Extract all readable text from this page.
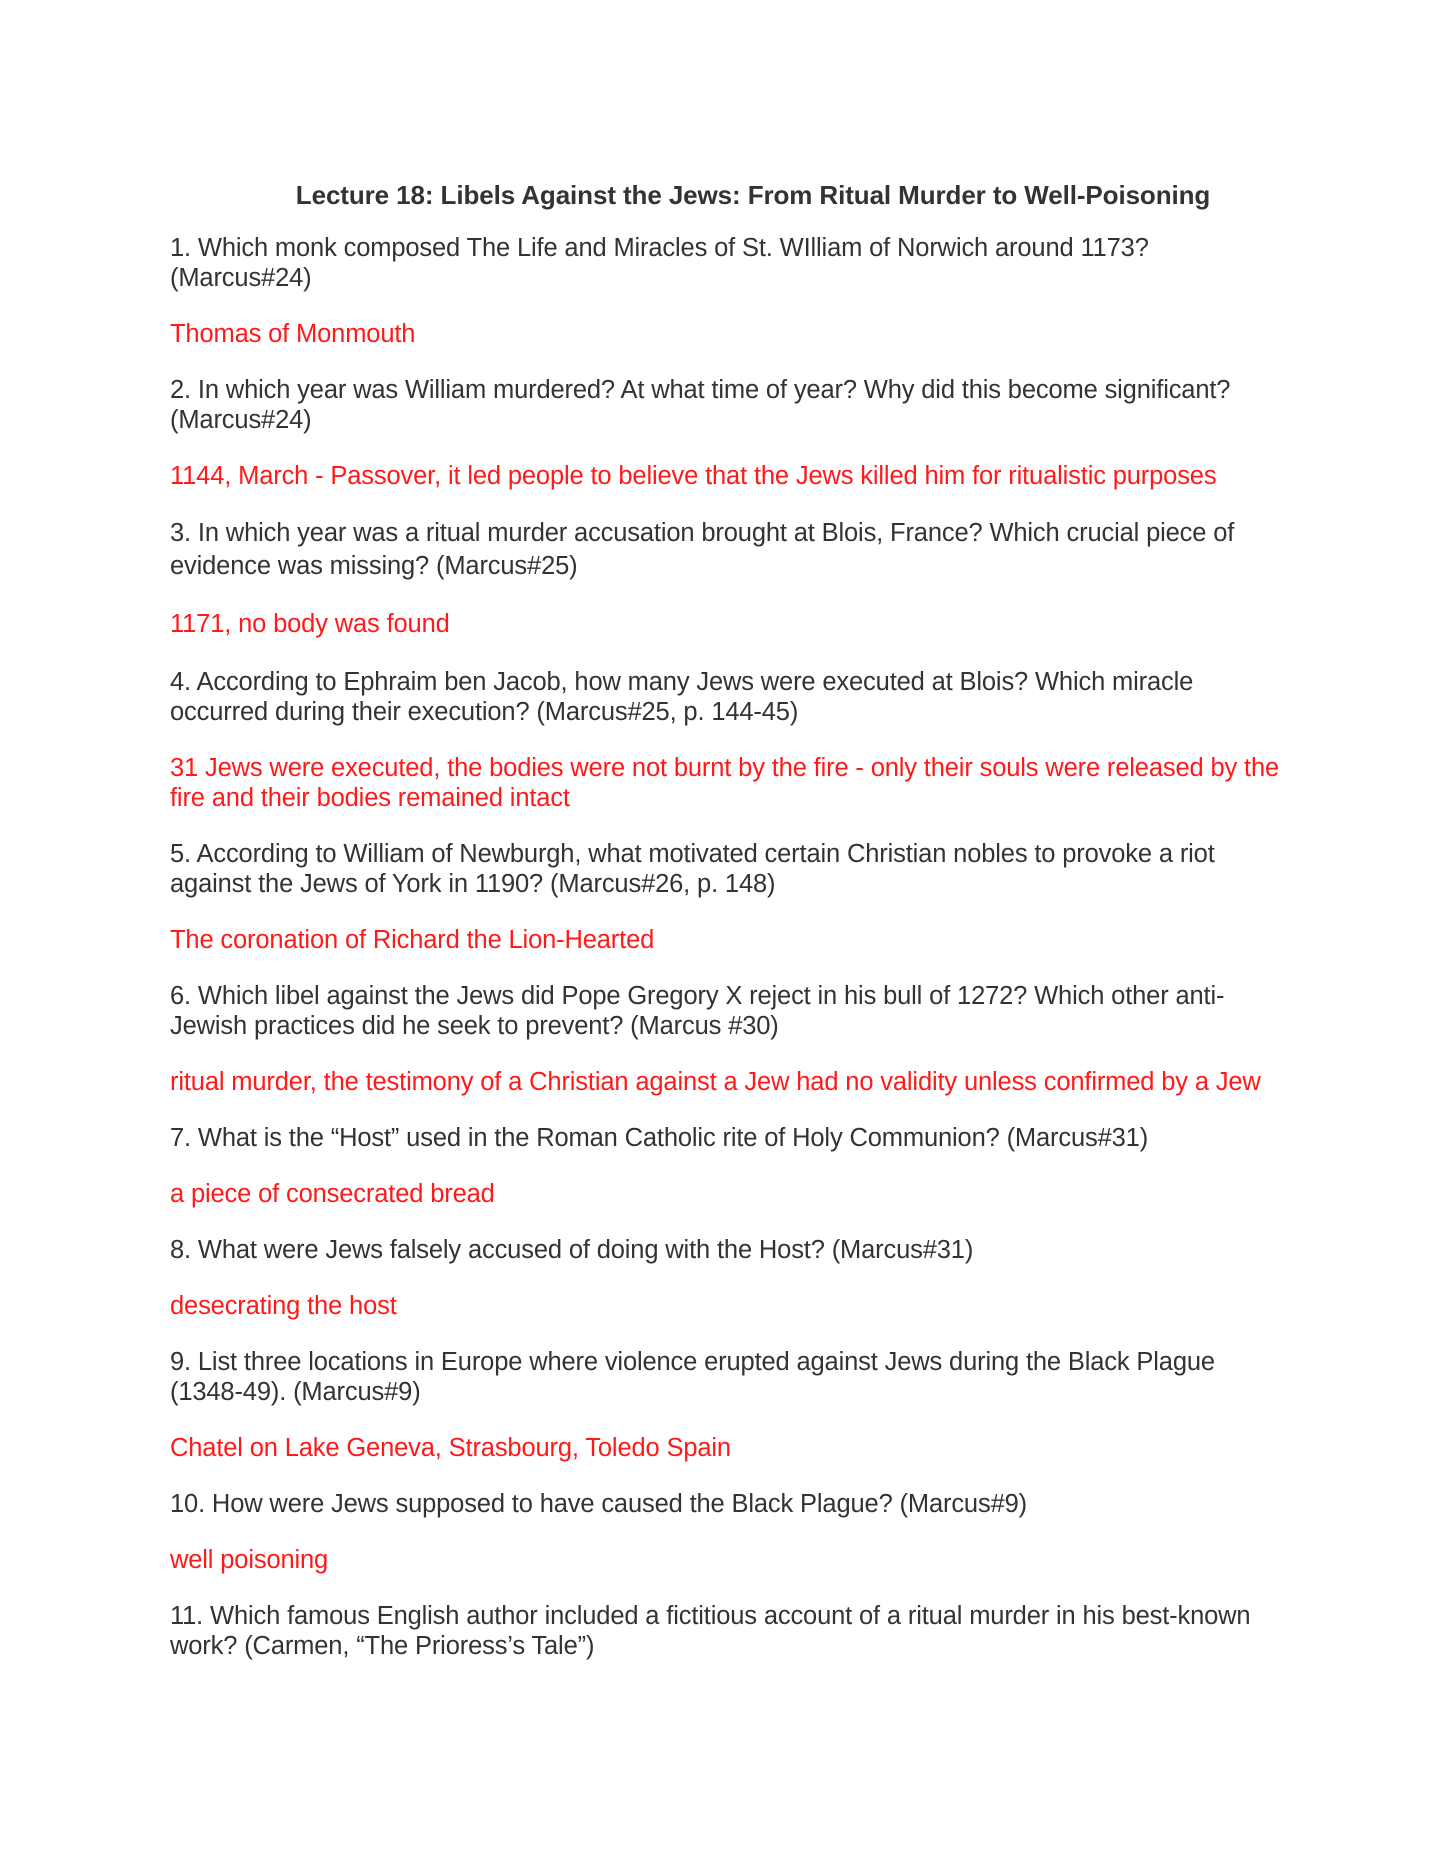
Lecture 18: Libels Against the Jews: From Ritual Murder to Well-Poisoning

1. Which monk composed The Life and Miracles of St. WIlliam of Norwich around 1173? (Marcus#24)

Thomas of Monmouth

2. In which year was William murdered? At what time of year? Why did this become significant? (Marcus#24)

1144, March - Passover, it led people to believe that the Jews killed him for ritualistic purposes

3. In which year was a ritual murder accusation brought at Blois, France? Which crucial piece of evidence was missing? (Marcus#25)

1171, no body was found

4. According to Ephraim ben Jacob, how many Jews were executed at Blois? Which miracle occurred during their execution? (Marcus#25, p. 144-45)

31 Jews were executed, the bodies were not burnt by the fire - only their souls were released by the fire and their bodies remained intact

5. According to William of Newburgh, what motivated certain Christian nobles to provoke a riot against the Jews of York in 1190? (Marcus#26, p. 148)

The coronation of Richard the Lion-Hearted

6. Which libel against the Jews did Pope Gregory X reject in his bull of 1272? Which other anti-Jewish practices did he seek to prevent? (Marcus #30)

ritual murder, the testimony of a Christian against a Jew had no validity unless confirmed by a Jew

7. What is the “Host” used in the Roman Catholic rite of Holy Communion? (Marcus#31)

a piece of consecrated bread

8. What were Jews falsely accused of doing with the Host? (Marcus#31)

desecrating the host

9. List three locations in Europe where violence erupted against Jews during the Black Plague (1348-49). (Marcus#9)

Chatel on Lake Geneva, Strasbourg, Toledo Spain

10. How were Jews supposed to have caused the Black Plague? (Marcus#9)

well poisoning

11. Which famous English author included a fictitious account of a ritual murder in his best-known work? (Carmen, “The Prioress’s Tale”)
